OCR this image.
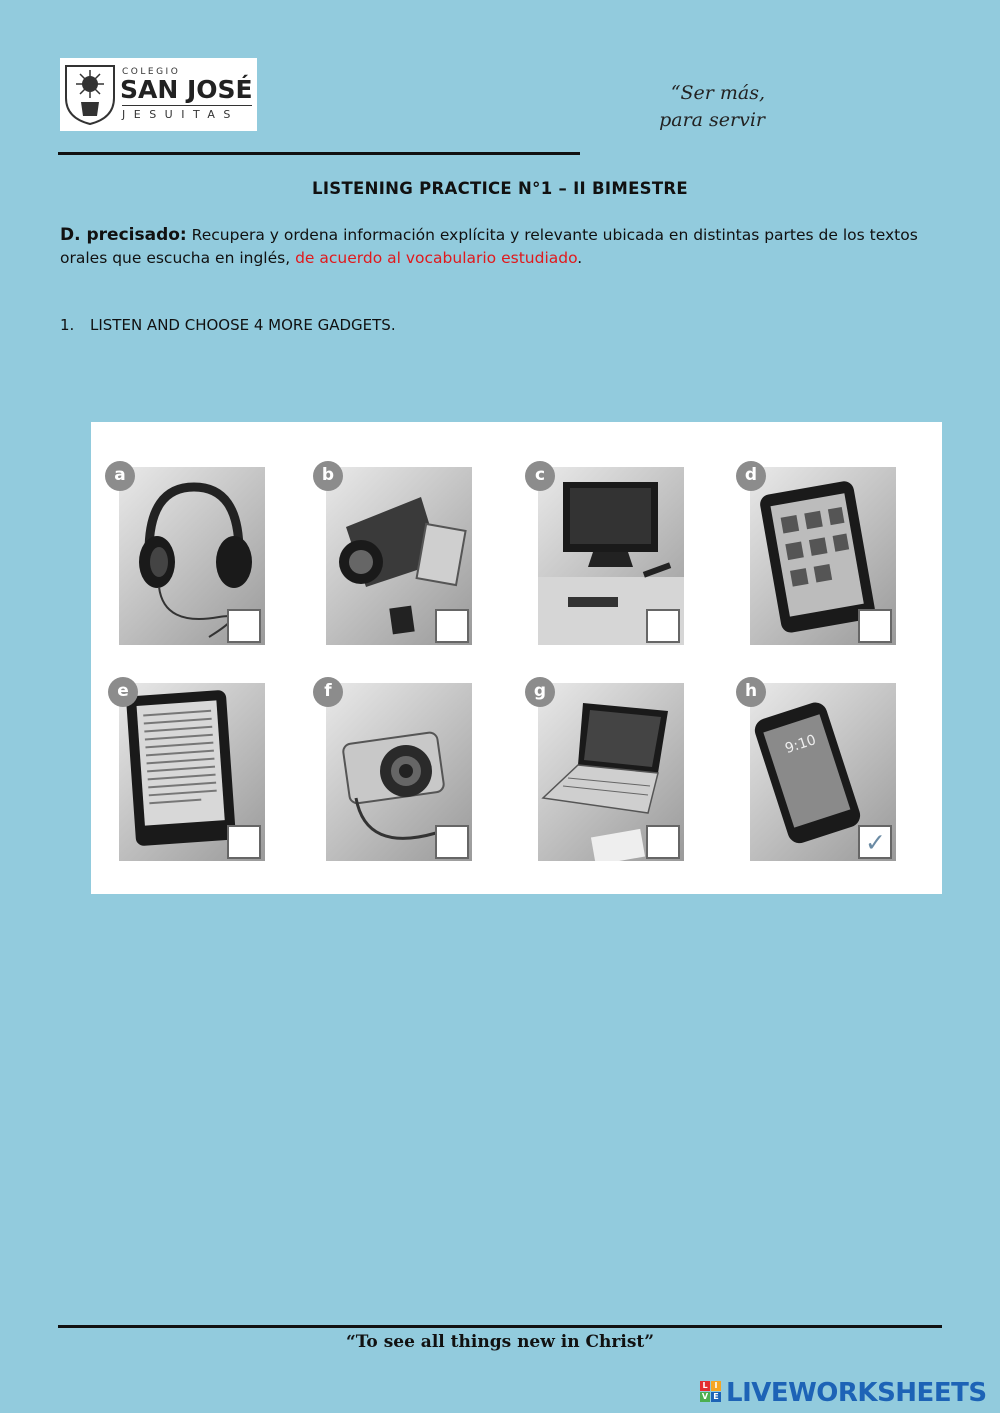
COLEGIO
SAN JOSÉ
JESUITAS
“Ser más,
para servir
LISTENING PRACTICE N°1 – II BIMESTRE
D. precisado: Recupera y ordena información explícita y relevante ubicada en distintas partes de los textos orales que escucha en inglés, de acuerdo al vocabulario estudiado.
1. LISTEN AND CHOOSE 4 MORE GADGETS.
a	b	c	d
e	f	g
9:10
h
✓
“To see all things new in Christ”
L I
V E LIVEWORKSHEETS
